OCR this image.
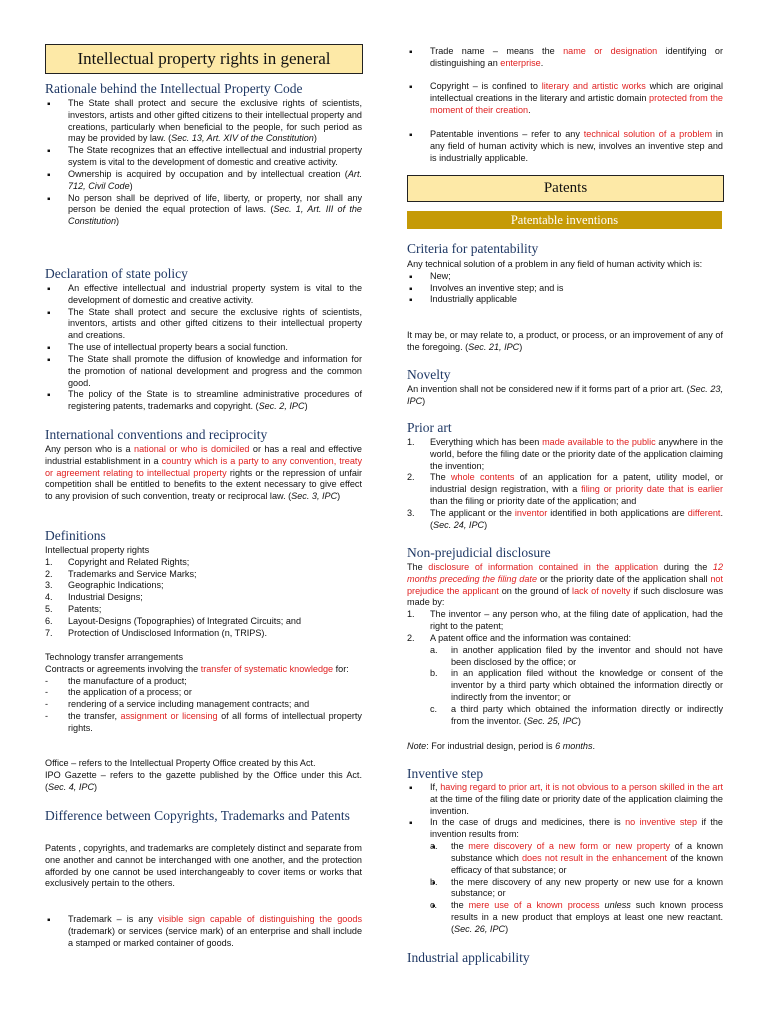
Intellectual property rights in general
Rationale behind the Intellectual Property Code
▪ The State shall protect and secure the exclusive rights of scientists, investors, artists and other gifted citizens to their intellectual property and creations, particularly when beneficial to the people, for such period as may be provided by law. (Sec. 13, Art. XIV of the Constitution)
▪ The State recognizes that an effective intellectual and industrial property system is vital to the development of domestic and creative activity.
▪ Ownership is acquired by occupation and by intellectual creation (Art. 712, Civil Code)
▪ No person shall be deprived of life, liberty, or property, nor shall any person be denied the equal protection of laws. (Sec. 1, Art. III of the Constitution)
Declaration of state policy
▪ An effective intellectual and industrial property system is vital to the development of domestic and creative activity.
▪ The State shall protect and secure the exclusive rights of scientists, inventors, artists and other gifted citizens to their intellectual property and creations.
▪ The use of intellectual property bears a social function.
▪ The State shall promote the diffusion of knowledge and information for the promotion of national development and progress and the common good.
▪ The policy of the State is to streamline administrative procedures of registering patents, trademarks and copyright. (Sec. 2, IPC)
International conventions and reciprocity

Any person who is a national or who is domiciled or has a real and effective industrial establishment in a country which is a party to any convention, treaty or agreement relating to intellectual property rights or the repression of unfair competition shall be entitled to benefits to the extent necessary to give effect to any provision of such convention, treaty or reciprocal law. (Sec. 3, IPC)

Definitions

Intellectual property rights

1. Copyright and Related Rights;
2. Trademarks and Service Marks;
3. Geographic Indications;
4. Industrial Designs;
5. Patents;
6. Layout-Designs (Topographies) of Integrated Circuits; and
7. Protection of Undisclosed Information (n, TRIPS).

Technology transfer arrangements

Contracts or agreements involving the transfer of systematic knowledge for:

- the manufacture of a product;
- the application of a process; or
- rendering of a service including management contracts; and
- the transfer, assignment or licensing of all forms of intellectual property rights.

Office – refers to the Intellectual Property Office created by this Act.

IPO Gazette – refers to the gazette published by the Office under this Act. (Sec. 4, IPC)

Difference between Copyrights, Trademarks and Patents

Patents , copyrights, and trademarks are completely distinct and separate from one another and cannot be interchanged with one another, and the protection afforded by one cannot be used interchangeably to cover items or works that exclusively pertain to the others.

▪ Trademark – is any visible sign capable of distinguishing the goods (trademark) or services (service mark) of an enterprise and shall include a stamped or marked container of goods.
▪ Trade name – means the name or designation identifying or distinguishing an enterprise.
▪ Copyright – is confined to literary and artistic works which are original intellectual creations in the literary and artistic domain protected from the moment of their creation.
▪ Patentable inventions – refer to any technical solution of a problem in any field of human activity which is new, involves an inventive step and is industrially applicable.
Patents
Patentable inventions
Criteria for patentability

Any technical solution of a problem in any field of human activity which is:

▪ New;
▪ Involves an inventive step; and is
▪ Industrially applicable

It may be, or may relate to, a product, or process, or an improvement of any of the foregoing. (Sec. 21, IPC)

Novelty

An invention shall not be considered new if it forms part of a prior art. (Sec. 23, IPC)

Prior art
1. Everything which has been made available to the public anywhere in the world, before the filing date or the priority date of the application claiming the invention;
2. The whole contents of an application for a patent, utility model, or industrial design registration, with a filing or priority date that is earlier than the filing or priority date of the application; and
3. The applicant or the inventor identified in both applications are different. (Sec. 24, IPC)
Non-prejudicial disclosure

The disclosure of information contained in the application during the 12 months preceding the filing date or the priority date of the application shall not prejudice the applicant on the ground of lack of novelty if such disclosure was made by:

1. The inventor – any person who, at the filing date of application, had the right to the patent;
2. A patent office and the information was contained:
a. in another application filed by the inventor and should not have been disclosed by the office; or
b. in an application filed without the knowledge or consent of the inventor by a third party which obtained the information directly or indirectly from the inventor; or
c. a third party which obtained the information directly or indirectly from the inventor. (Sec. 25, IPC)

Note: For industrial design, period is 6 months.

Inventive step
▪ If, having regard to prior art, it is not obvious to a person skilled in the art at the time of the filing date or priority date of the application claiming the invention.
▪ In the case of drugs and medicines, there is no inventive step if the invention results from:
▪ a. the mere discovery of a new form or new property of a known substance which does not result in the enhancement of the known efficacy of that substance; or
▪ b. the mere discovery of any new property or new use for a known substance; or
▪ c. the mere use of a known process unless such known process results in a new product that employs at least one new reactant. (Sec. 26, IPC)
Industrial applicability
